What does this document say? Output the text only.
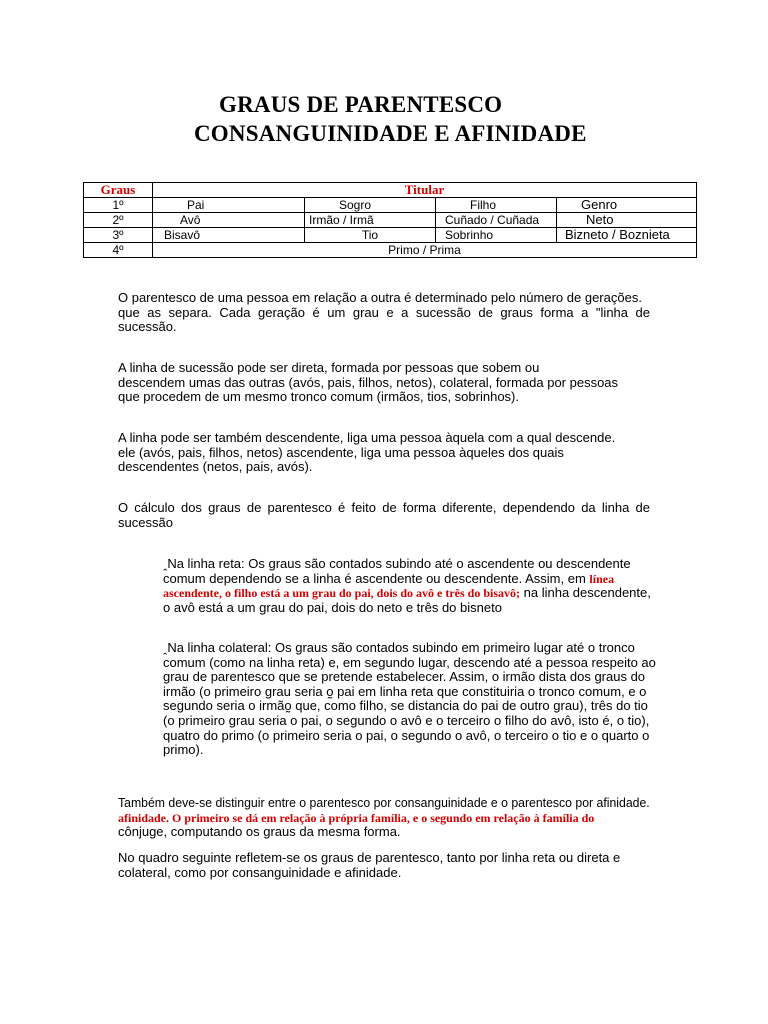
GRAUS DE PARENTESCO
CONSANGUINIDADE E AFINIDADE
Graus	Titular			
1º	Pai	Sogro	Filho	Genro
2º	Avô	Irmão / Irmã	Cuñado / Cuñada	Neto
3º	Bisavô	Tio	Sobrinho	Bizneto / Boznieta
4º	Primo / Prima			
O parentesco de uma pessoa em relação a outra é determinado pelo número de gerações.
que as separa. Cada geração é um grau e a sucessão de graus forma a "linha de
sucessão.
A linha de sucessão pode ser direta, formada por pessoas que sobem ou
descendem umas das outras (avós, pais, filhos, netos), colateral, formada por pessoas
que procedem de um mesmo tronco comum (irmãos, tios, sobrinhos).
A linha pode ser também descendente, liga uma pessoa àquela com a qual descende.
ele (avós, pais, filhos, netos) ascendente, liga uma pessoa àqueles dos quais
descendentes (netos, pais, avós).
O cálculo dos graus de parentesco é feito de forma diferente, dependendo da linha de
sucessão
ꞈNa linha reta: Os graus são contados subindo até o ascendente ou descendente comum dependendo se a linha é ascendente ou descendente. Assim, em línea ascendente, o filho está a um grau do pai, dois do avô e três do bisavô; na linha descendente, o avô está a um grau do pai, dois do neto e três do bisneto
ꞈNa linha colateral: Os graus são contados subindo em primeiro lugar até o tronco comum (como na linha reta) e, em segundo lugar, descendo até a pessoa respeito ao grau de parentesco que se pretende estabelecer. Assim, o irmão dista dos graus do irmão (o primeiro grau seria o̰ pai em linha reta que constituiria o tronco comum, e o segundo seria o irmão̰ que, como filho, se distancia do pai de outro grau), três do tio (o primeiro grau seria o pai, o segundo o avô e o terceiro o filho do avô, isto é, o tio), quatro do primo (o primeiro seria o pai, o segundo o avô, o terceiro o tio e o quarto o primo).
Também deve-se distinguir entre o parentesco por consanguinidade e o parentesco por afinidade.
afinidade. O primeiro se dá em relação à própria família, e o segundo em relação à família do
cônjuge, computando os graus da mesma forma.
No quadro seguinte refletem-se os graus de parentesco, tanto por linha reta ou direta e
colateral, como por consanguinidade e afinidade.
